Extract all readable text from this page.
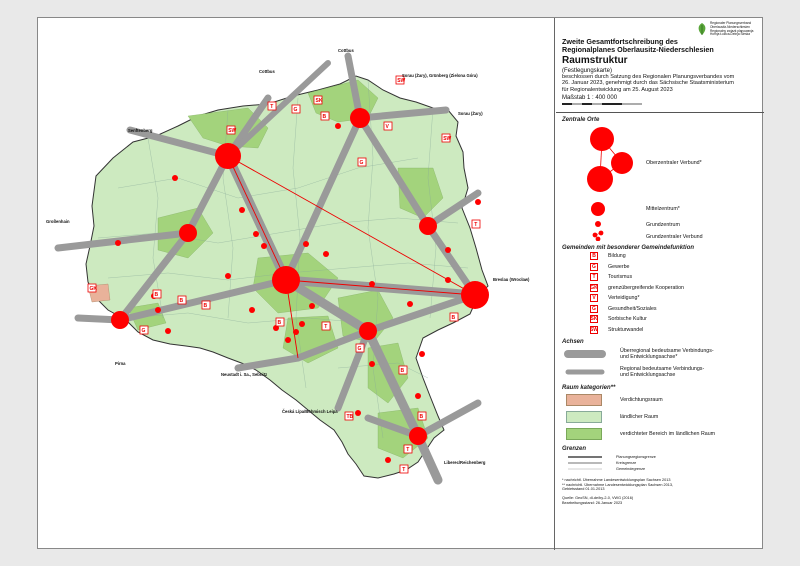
SW
T	G
SK
B
SW
V
GK
B
B
G
B
T
G
B
TB
T
T
T
B
B
G
SW
B
Cottbus
Cottbus
Senftenberg
Großenhain
Sorau (Żary), Grünberg (Zielona Góra)
Sorau (Żary)
Breslau (Wrocław)
Pirna
Neustadt i. Sa., Sebnitz
Česká Lípa/Böhmisch Leipa
Liberec/Reichenberg
Regionaler Planungsverband
Oberlausitz-Niederschlesien
Regionalny zwjazk planowanja
Hornja Łužica-Delnja Šleska
Zweite Gesamtfortschreibung des
Regionalplanes Oberlausitz-Niederschlesien
Raumstruktur
(Festlegungskarte)
beschlossen durch Satzung des Regionalen Planungsverbandes vom
26. Januar 2023, genehmigt durch das Sächsische Staatsministerium
für Regionalentwicklung am 25. August 2023
Maßstab 1 : 400 000
Zentrale Orte
Oberzentraler Verbund*
Mittelzentrum*
Grundzentrum
Grundzentraler Verbund
Gemeinden mit besonderer Gemeindefunktion
B	Bildung
G	Gewerbe
T	Tourismus
GK grenzübergreifende Kooperation
V	Verteidigung*
G	Gesundheit/Soziales
SK Sorbische Kultur
SW Strukturwandel
Achsen
Überregional bedeutsame Verbindungs-
und Entwicklungsachse*
Regional bedeutsame Verbindungs-
und Entwicklungsachse
Raum kategorien**
Verdichtungsraum
ländlicher Raum
verdichteter Bereich im ländlichen Raum
Grenzen
Planungsregionsgrenze
Kreisgrenze
Gemeindegrenze
* nachrichtl. Übernahme Landesentwicklungsplan Sachsen 2013
** nachrichtl. Übernahme Landesentwicklungsplan Sachsen 2013,
Gebietsstand 01.01.2013
Quelle: GeoSN, dl-de/by-2-0, VWG (2016)
Bearbeitungsstand: 26.Januar 2023
